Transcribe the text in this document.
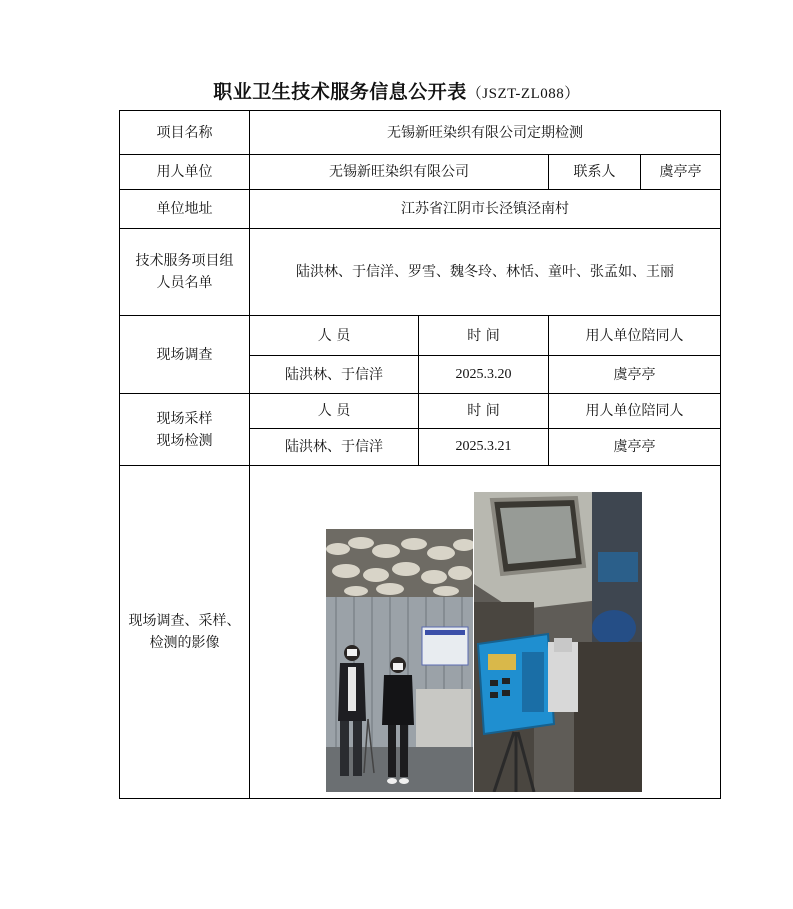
职业卫生技术服务信息公开表（JSZT-ZL088）
项目名称	无锡新旺染织有限公司定期检测			
用人单位	无锡新旺染织有限公司		联系人	虞亭亭
单位地址	江苏省江阴市长泾镇泾南村			

技术服务项目组
人员名单	陆洪林、于信洋、罗雪、魏冬玲、林恬、童叶、张孟如、王丽			
现场调查	人 员	时 间	用人单位陪同人	
	陆洪林、于信洋	2025.3.20	虞亭亭	

现场采样
现场检测	人 员	时 间	用人单位陪同人	
	陆洪林、于信洋	2025.3.21	虞亭亭	

现场调查、采样、
检测的影像
